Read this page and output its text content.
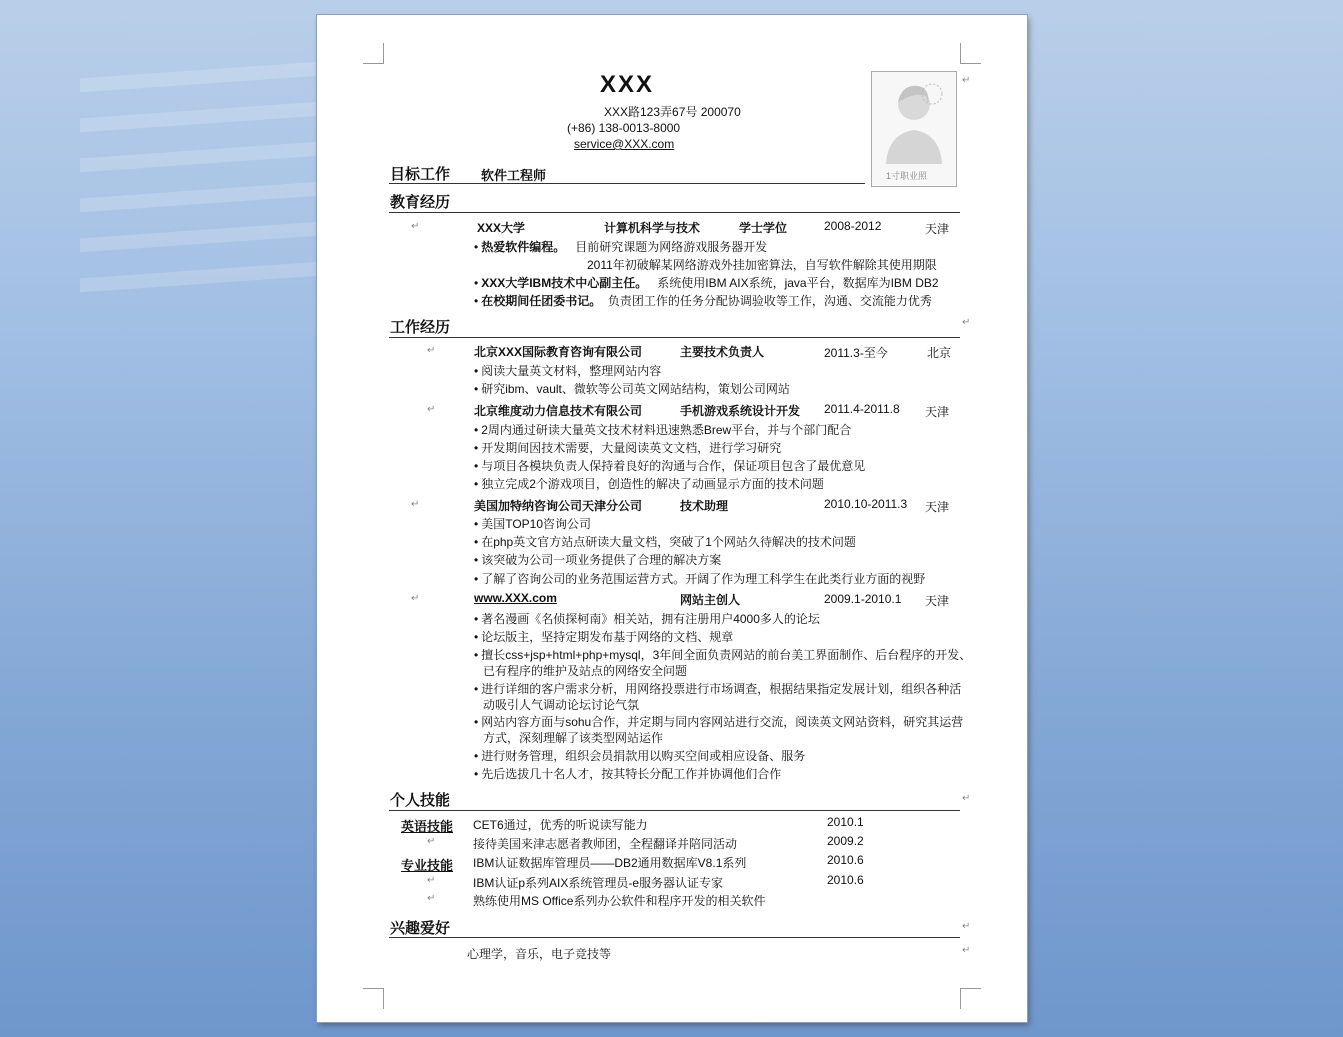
XXX
XXX路123弄67号 200070
(+86) 138-0013-8000
service@XXX.com
1寸职业照
目标工作 软件工程师
教育经历
XXX大学	计算机科学与技术	学士学位	2008-2012	天津
• 热爱软件编程。 目前研究课题为网络游戏服务器开发
2011年初破解某网络游戏外挂加密算法，自写软件解除其使用期限
• XXX大学IBM技术中心副主任。 系统使用IBM AIX系统，java平台，数据库为IBM DB2
• 在校期间任团委书记。 负责团工作的任务分配协调验收等工作，沟通、交流能力优秀
工作经历
北京XXX国际教育咨询有限公司	主要技术负责人	2011.3-至今	北京
• 阅读大量英文材料，整理网站内容
• 研究ibm、vault、微软等公司英文网站结构，策划公司网站
北京维度动力信息技术有限公司	手机游戏系统设计开发 2011.4-2011.8 天津
• 2周内通过研读大量英文技术材料迅速熟悉Brew平台，并与个部门配合
• 开发期间因技术需要，大量阅读英文文档，进行学习研究
• 与项目各模块负责人保持着良好的沟通与合作，保证项目包含了最优意见
• 独立完成2个游戏项目，创造性的解决了动画显示方面的技术问题
美国加特纳咨询公司天津分公司	技术助理	2010.10-2011.3 天津
• 美国TOP10咨询公司
• 在php英文官方站点研读大量文档，突破了1个网站久待解决的技术问题
• 该突破为公司一项业务提供了合理的解决方案
• 了解了咨询公司的业务范围运营方式。开阔了作为理工科学生在此类行业方面的视野
www.XXX.com	网站主创人	2009.1-2010.1 天津
• 著名漫画《名侦探柯南》相关站，拥有注册用户4000多人的论坛
• 论坛版主，坚持定期发布基于网络的文档、规章
• 擅长css+jsp+html+php+mysql，3年间全面负责网站的前台美工界面制作、后台程序的开发、
已有程序的维护及站点的网络安全问题
• 进行详细的客户需求分析，用网络投票进行市场调查，根据结果指定发展计划，组织各种活
动吸引人气调动论坛讨论气氛
• 网站内容方面与sohu合作，并定期与同内容网站进行交流，阅读英文网站资料，研究其运营
方式，深刻理解了该类型网站运作
• 进行财务管理，组织会员捐款用以购买空间或相应设备、服务
• 先后选拔几十名人才，按其特长分配工作并协调他们合作
个人技能
英语技能 CET6通过，优秀的听说读写能力	2010.1
接待美国来津志愿者教师团，全程翻译并陪同活动	2009.2
专业技能 IBM认证数据库管理员——DB2通用数据库V8.1系列	2010.6
IBM认证p系列AIX系统管理员-e服务器认证专家	2010.6
熟练使用MS Office系列办公软件和程序开发的相关软件
兴趣爱好
心理学，音乐，电子竞技等
↵
↵
↵
↵
↵
↵
↵
↵
↵
↵
↵
↵
↵
